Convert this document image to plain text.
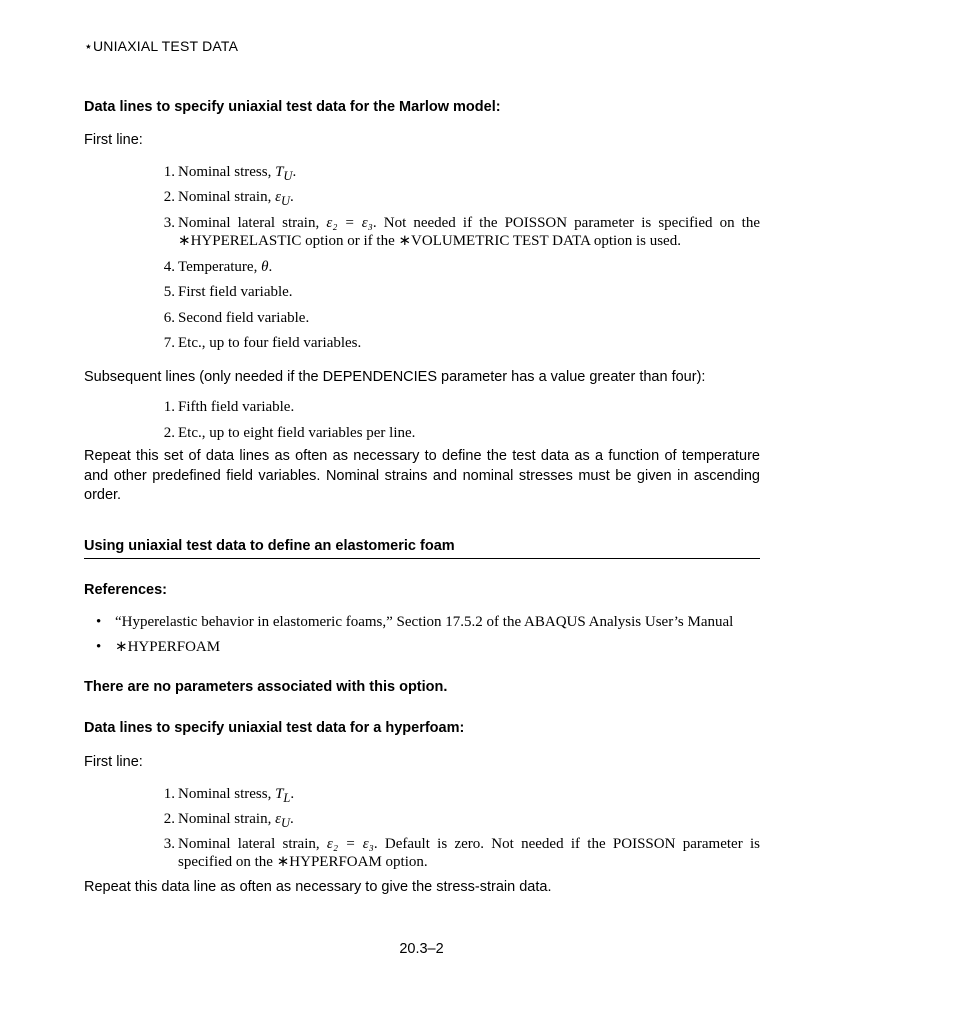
⋆UNIAXIAL TEST DATA
Data lines to specify uniaxial test data for the Marlow model:
First line:
1. Nominal stress, $T_U$.
2. Nominal strain, $\varepsilon_U$.
3. Nominal lateral strain, ε₂ = ε₃. Not needed if the POISSON parameter is specified on the ∗HYPERELASTIC option or if the ∗VOLUMETRIC TEST DATA option is used.
4. Temperature, θ.
5. First field variable.
6. Second field variable.
7. Etc., up to four field variables.
Subsequent lines (only needed if the DEPENDENCIES parameter has a value greater than four):
1. Fifth field variable.
2. Etc., up to eight field variables per line.
Repeat this set of data lines as often as necessary to define the test data as a function of temperature and other predefined field variables. Nominal strains and nominal stresses must be given in ascending order.
Using uniaxial test data to define an elastomeric foam
References:
• “Hyperelastic behavior in elastomeric foams,” Section 17.5.2 of the ABAQUS Analysis User’s Manual
• ∗HYPERFOAM
There are no parameters associated with this option.
Data lines to specify uniaxial test data for a hyperfoam:
First line:
1. Nominal stress, $T_L$.
2. Nominal strain, $\varepsilon_U$.
3. Nominal lateral strain, ε₂ = ε₃. Default is zero. Not needed if the POISSON parameter is specified on the ∗HYPERFOAM option.
Repeat this data line as often as necessary to give the stress-strain data.
20.3–2
